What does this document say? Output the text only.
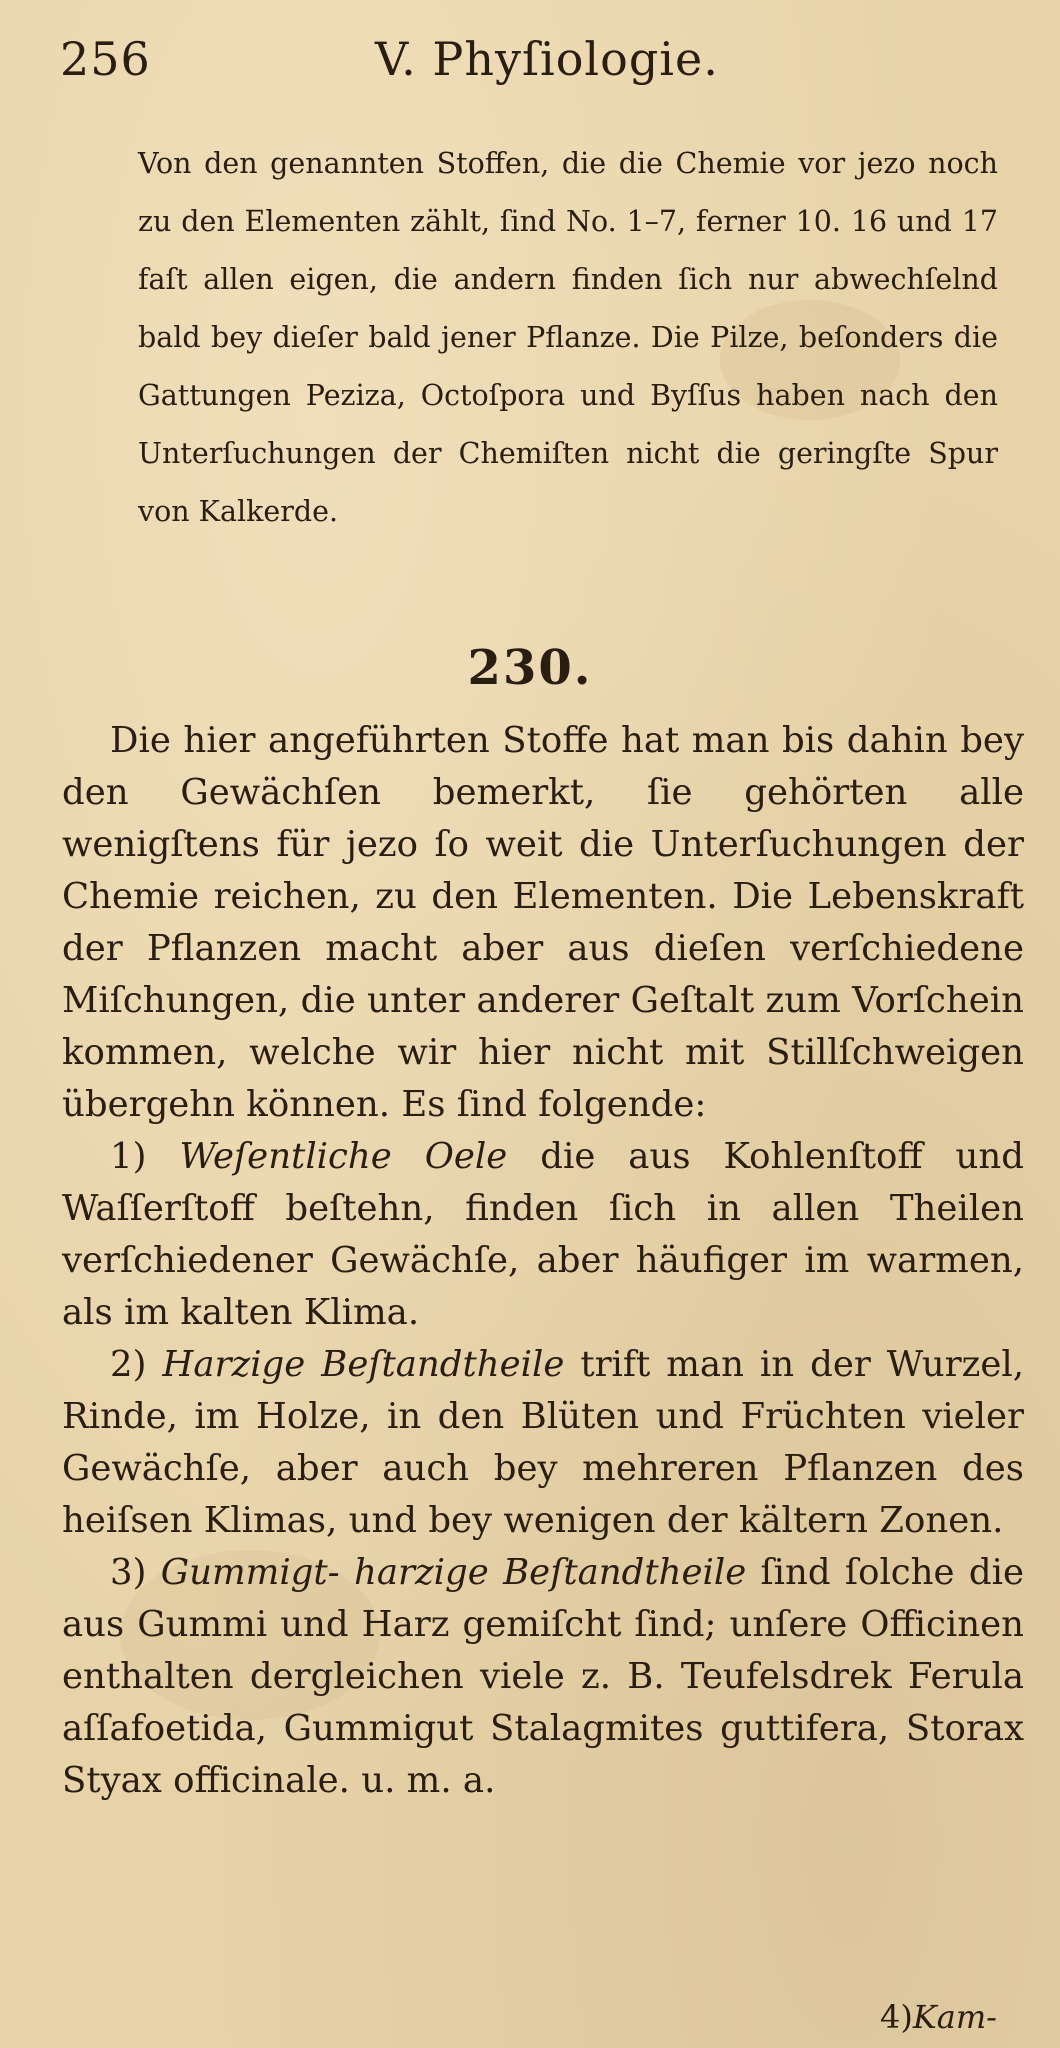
256	V. Phyſiologie.

Von den genannten Stoffen, die die Chemie vor jezo noch zu den Elementen zählt, ſind No. 1–7, ferner 10. 16 und 17 faſt allen eigen, die andern finden ſich nur abwechſelnd bald bey dieſer bald jener Pflanze. Die Pilze, beſonders die Gattungen Peziza, Octoſpora und Byſſus haben nach den Unterſuchungen der Chemiſten nicht die geringſte Spur von Kalkerde.

230.

Die hier angeführten Stoffe hat man bis dahin bey den Gewächſen bemerkt, ſie gehörten alle wenigſtens für jezo ſo weit die Unterſuchungen der Chemie reichen, zu den Elementen. Die Lebenskraft der Pflanzen macht aber aus dieſen verſchiedene Miſchungen, die unter anderer Geſtalt zum Vorſchein kommen, welche wir hier nicht mit Stillſchweigen übergehn können. Es ſind folgende:

1) Weſentliche Oele die aus Kohlenſtoff und Waſſerſtoff beſtehn, finden ſich in allen Theilen verſchiedener Gewächſe, aber häufiger im warmen, als im kalten Klima.

2) Harzige Beſtandtheile trift man in der Wurzel, Rinde, im Holze, in den Blüten und Früchten vieler Gewächſe, aber auch bey mehreren Pflanzen des heiſsen Klimas, und bey wenigen der kältern Zonen.

3) Gummigt- harzige Beſtandtheile ſind ſolche die aus Gummi und Harz gemiſcht ſind; unſere Officinen enthalten dergleichen viele z. B. Teufelsdrek Ferula aſſafoetida, Gummigut Stalagmites guttifera, Storax Styax officinale. u. m. a.

4)Kam-
